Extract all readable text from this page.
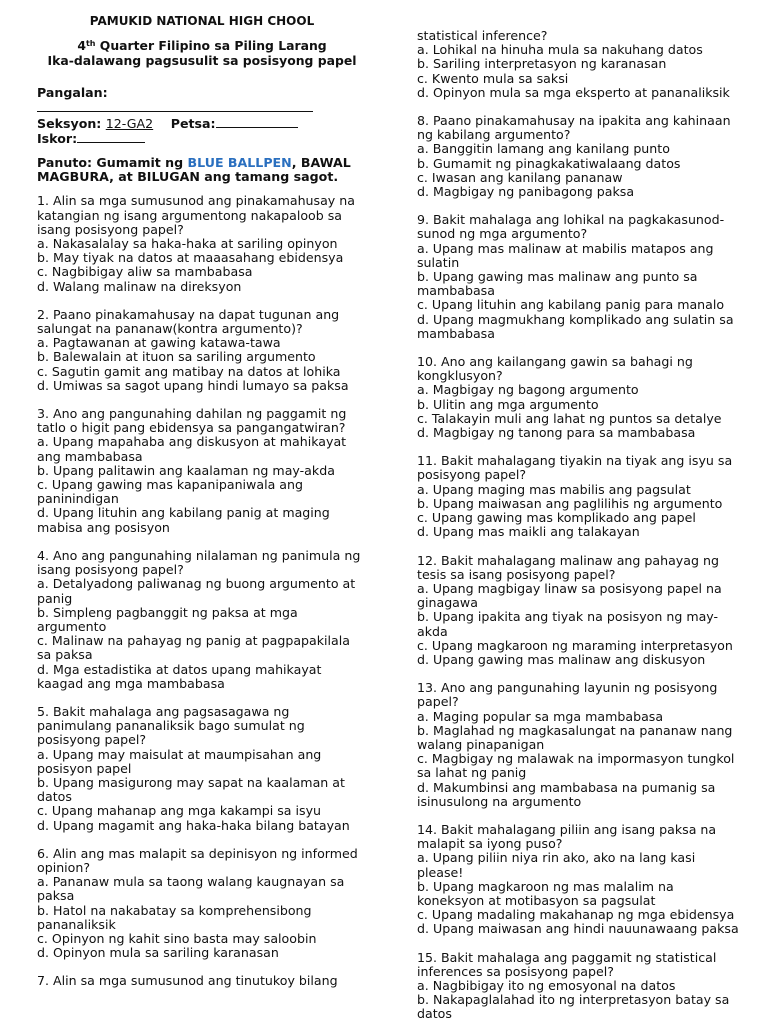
PAMUKID NATIONAL HIGH CHOOL
4th Quarter Filipino sa Piling Larang
Ika-dalawang pagsusulit sa posisyong papel
Pangalan:
Seksyon: 12-GA2 Petsa:
Iskor:
Panuto: Gumamit ng BLUE BALLPEN, BAWAL MAGBURA, at BILUGAN ang tamang sagot.

1. Alin sa mga sumusunod ang pinakamahusay na

katangian ng isang argumentong nakapaloob sa

isang posisyong papel?

a. Nakasalalay sa haka-haka at sariling opinyon

b. May tiyak na datos at maaasahang ebidensya

c. Nagbibigay aliw sa mambabasa

d. Walang malinaw na direksyon

2. Paano pinakamahusay na dapat tugunan ang

salungat na pananaw(kontra argumento)?

a. Pagtawanan at gawing katawa-tawa

b. Balewalain at ituon sa sariling argumento

c. Sagutin gamit ang matibay na datos at lohika

d. Umiwas sa sagot upang hindi lumayo sa paksa

3. Ano ang pangunahing dahilan ng paggamit ng

tatlo o higit pang ebidensya sa pangangatwiran?

a. Upang mapahaba ang diskusyon at mahikayat

ang mambabasa

b. Upang palitawin ang kaalaman ng may-akda

c. Upang gawing mas kapanipaniwala ang

paninindigan

d. Upang lituhin ang kabilang panig at maging

mabisa ang posisyon

4. Ano ang pangunahing nilalaman ng panimula ng

isang posisyong papel?

a. Detalyadong paliwanag ng buong argumento at

panig

b. Simpleng pagbanggit ng paksa at mga

argumento

c. Malinaw na pahayag ng panig at pagpapakilala

sa paksa

d. Mga estadistika at datos upang mahikayat

kaagad ang mga mambabasa

5. Bakit mahalaga ang pagsasagawa ng

panimulang pananaliksik bago sumulat ng

posisyong papel?

a. Upang may maisulat at maumpisahan ang

posisyon papel

b. Upang masigurong may sapat na kaalaman at

datos

c. Upang mahanap ang mga kakampi sa isyu

d. Upang magamit ang haka-haka bilang batayan

6. Alin ang mas malapit sa depinisyon ng informed

opinion?

a. Pananaw mula sa taong walang kaugnayan sa

paksa

b. Hatol na nakabatay sa komprehensibong

pananaliksik

c. Opinyon ng kahit sino basta may saloobin

d. Opinyon mula sa sariling karanasan

7. Alin sa mga sumusunod ang tinutukoy bilang

statistical inference?

a. Lohikal na hinuha mula sa nakuhang datos

b. Sariling interpretasyon ng karanasan

c. Kwento mula sa saksi

d. Opinyon mula sa mga eksperto at pananaliksik

8. Paano pinakamahusay na ipakita ang kahinaan

ng kabilang argumento?

a. Banggitin lamang ang kanilang punto

b. Gumamit ng pinagkakatiwalaang datos

c. Iwasan ang kanilang pananaw

d. Magbigay ng panibagong paksa

9. Bakit mahalaga ang lohikal na pagkakasunod-

sunod ng mga argumento?

a. Upang mas malinaw at mabilis matapos ang

sulatin

b. Upang gawing mas malinaw ang punto sa

mambabasa

c. Upang lituhin ang kabilang panig para manalo

d. Upang magmukhang komplikado ang sulatin sa

mambabasa

10. Ano ang kailangang gawin sa bahagi ng

kongklusyon?

a. Magbigay ng bagong argumento

b. Ulitin ang mga argumento

c. Talakayin muli ang lahat ng puntos sa detalye

d. Magbigay ng tanong para sa mambabasa

11. Bakit mahalagang tiyakin na tiyak ang isyu sa

posisyong papel?

a. Upang maging mas mabilis ang pagsulat

b. Upang maiwasan ang paglilihis ng argumento

c. Upang gawing mas komplikado ang papel

d. Upang mas maikli ang talakayan

12. Bakit mahalagang malinaw ang pahayag ng

tesis sa isang posisyong papel?

a. Upang magbigay linaw sa posisyong papel na

ginagawa

b. Upang ipakita ang tiyak na posisyon ng may-

akda

c. Upang magkaroon ng maraming interpretasyon

d. Upang gawing mas malinaw ang diskusyon

13. Ano ang pangunahing layunin ng posisyong

papel?

a. Maging popular sa mga mambabasa

b. Maglahad ng magkasalungat na pananaw nang

walang pinapanigan

c. Magbigay ng malawak na impormasyon tungkol

sa lahat ng panig

d. Makumbinsi ang mambabasa na pumanig sa

isinusulong na argumento

14. Bakit mahalagang piliin ang isang paksa na

malapit sa iyong puso?

a. Upang piliin niya rin ako, ako na lang kasi

please!

b. Upang magkaroon ng mas malalim na

koneksyon at motibasyon sa pagsulat

c. Upang madaling makahanap ng mga ebidensya

d. Upang maiwasan ang hindi nauunawaang paksa

15. Bakit mahalaga ang paggamit ng statistical

inferences sa posisyong papel?

a. Nagbibigay ito ng emosyonal na datos

b. Nakapaglalahad ito ng interpretasyon batay sa

datos
